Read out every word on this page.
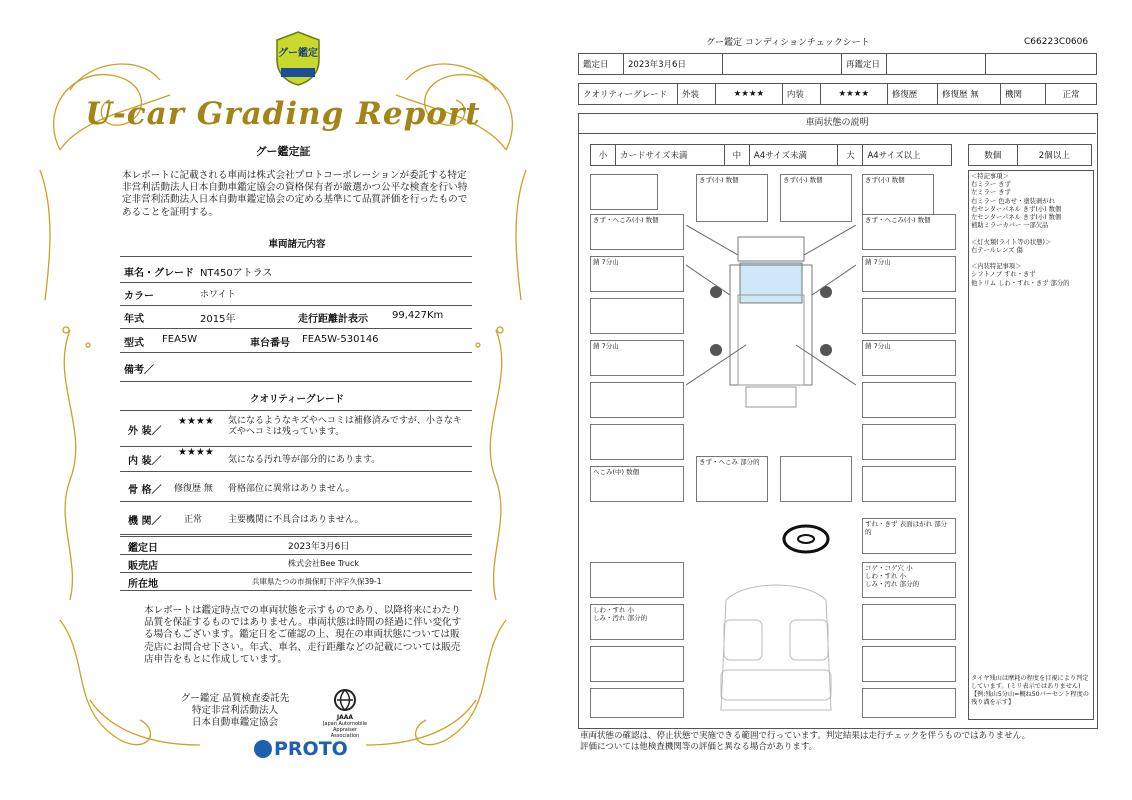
グー鑑定
U-car Grading Report
グー鑑定証
本レポートに記載される車両は株式会社プロトコーポレーションが委託する特定非営利活動法人日本自動車鑑定協会の資格保有者が厳選かつ公平な検査を行い特定非営利活動法人日本自動車鑑定協会の定める基準にて品質評価を行ったものであることを証明する。
車両諸元内容
車名・グレード NT450アトラス
カラー	ホワイト
年式	2015年	走行距離計表示 99,427Km
型式 FEA5W	車台番号 FEA5W-530146
備考／
クオリティーグレード
外 装／
★★★★ 気になるようなキズやヘコミは補修済みですが、小さなキズやヘコミは残っています。
内 装／
★★★★
気になる汚れ等が部分的にあります。
骨 格／ 修復歴 無 骨格部位に異常はありません。
機 関／	正常	主要機関に不具合はありません。
鑑定日	2023年3月6日
販売店	株式会社Bee Truck
所在地	兵庫県たつの市揖保町下沖字久保39-1
本レポートは鑑定時点での車両状態を示すものであり、以降将来にわたり品質を保証するものではありません。車両状態は時間の経過に伴い変化する場合もございます。鑑定日をご確認の上、現在の車両状態については販売店にお問合せ下さい。年式、車名、走行距離などの記載については販売店申告をもとに作成しています。
グー鑑定 品質検査委託先
特定非営利活動法人
日本自動車鑑定協会	JAAA
Japan Automobile Appraiser Association
PROTO
グー鑑定 コンディションチェックシート	C66223C0606
鑑定日	2023年3月6日		再鑑定日		
クオリティーグレード	外装	★★★★	内装	★★★★	修復歴	修復歴 無	機関	正常
車両状態の説明
小	カードサイズ未満	中	A4サイズ未満	大	A4サイズ以上	数個	2個以上
きず(小) 数個	きず(小) 数個	きず(小) 数個
きず・へこみ(小) 数個	きず・へこみ(小) 数個
錆 7分山	錆 7分山
錆 7分山	錆 7分山
へこみ(中) 数個
きず・へこみ 部分的
すれ・きず 表面はがれ 部分的
コゲ・コゲ穴 小
しわ・すれ 小
しみ・汚れ 部分的
しわ・すれ 小
しみ・汚れ 部分的
＜特記事項＞
右ミラー きず
左ミラー きず
右ミラー 色あせ・塗装剥がれ
右センターパネル きず(小) 数個
左センターパネル きず(小) 数個
補助ミラーカバー 一部欠品

＜灯火類(ライト等の状態)＞
右テールレンズ 傷

＜内装特記事項＞
シフトノブ すれ・きず
他トリム しわ・すれ・きず 部分的
タイヤ残山は摩耗の程度を目視により判定しています。(ミリ表示ではありません)
【例:残山5分山=概ね50パーセント程度の残り溝を示す】
車両状態の確認は、停止状態で実施できる範囲で行っています。判定結果は走行チェックを伴うものではありません。
評価については他検査機関等の評価と異なる場合があります。
